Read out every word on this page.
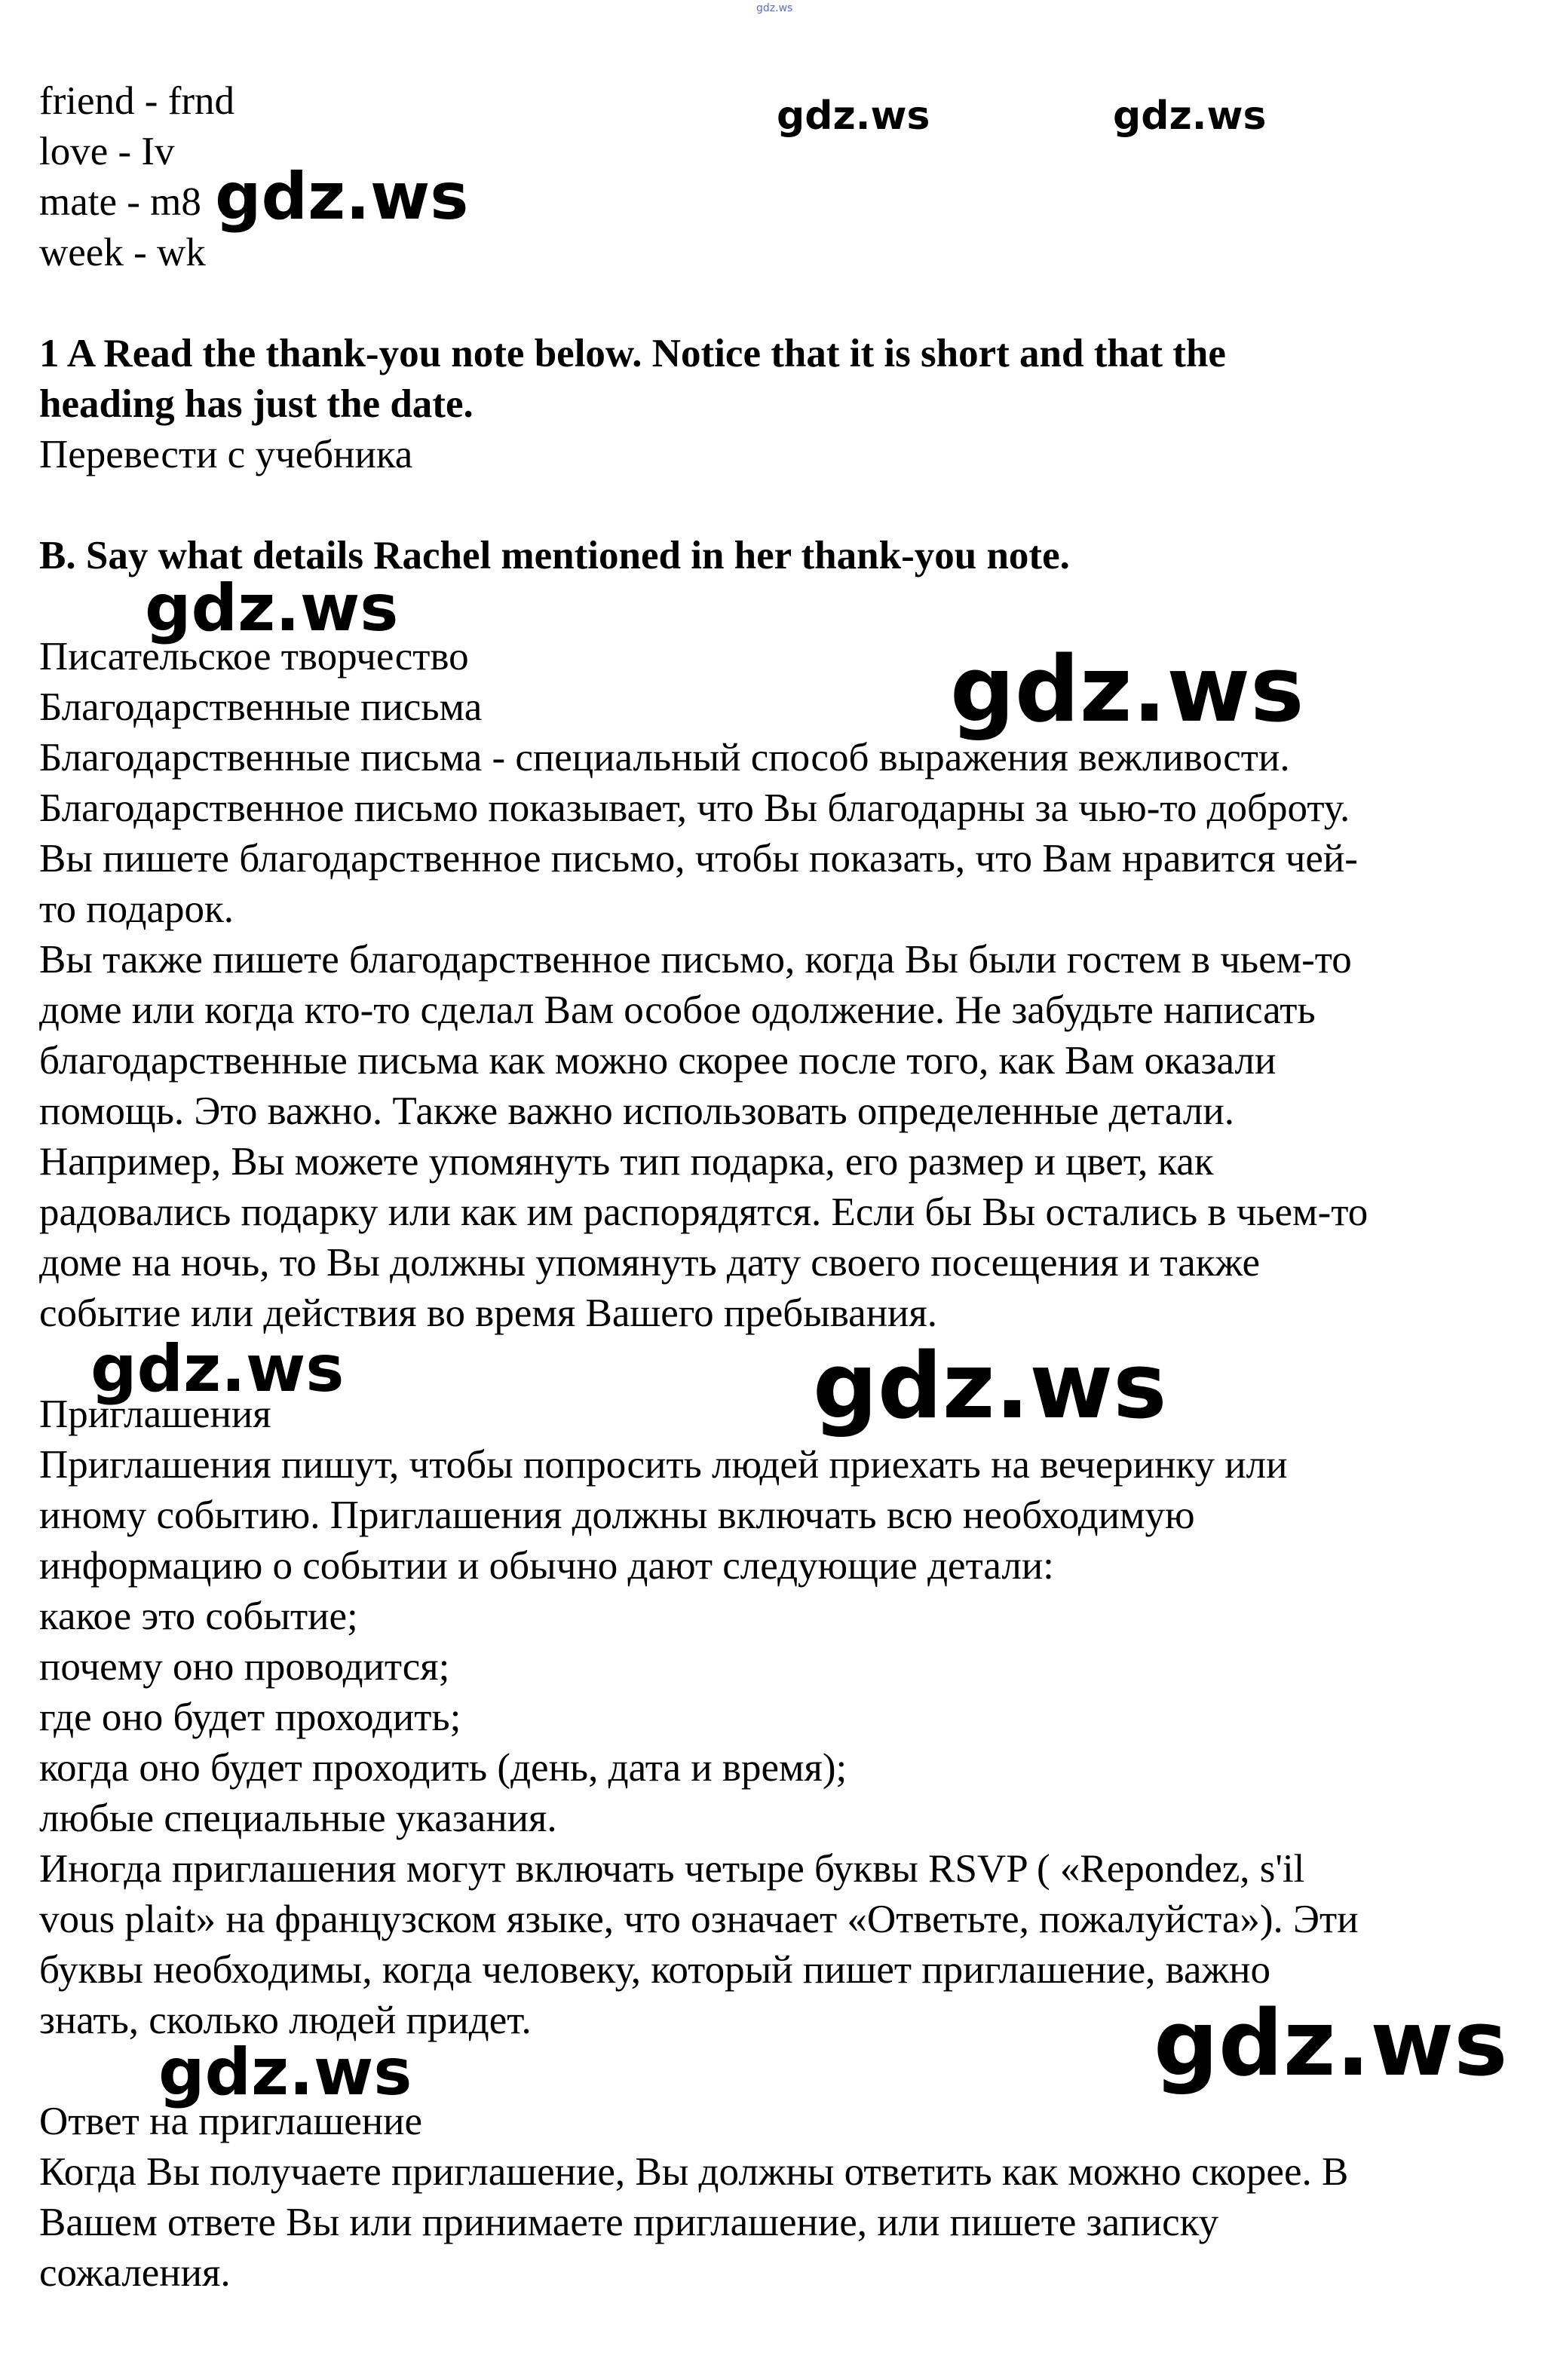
gdz.ws
friend - frnd
love - Iv
mate - m8
week - wk
1 A Read the thank-you note below. Notice that it is short and that the
heading has just the date.
Перевести с учебника
B. Say what details Rachel mentioned in her thank-you note.
Писательское творчество
Благодарственные письма
Благодарственные письма - специальный способ выражения вежливости.
Благодарственное письмо показывает, что Вы благодарны за чью-то доброту.
Вы пишете благодарственное письмо, чтобы показать, что Вам нравится чей-
то подарок.
Вы также пишете благодарственное письмо, когда Вы были гостем в чьем-то
доме или когда кто-то сделал Вам особое одолжение. Не забудьте написать
благодарственные письма как можно скорее после того, как Вам оказали
помощь. Это важно. Также важно использовать определенные детали.
Например, Вы можете упомянуть тип подарка, его размер и цвет, как
радовались подарку или как им распорядятся. Если бы Вы остались в чьем-то
доме на ночь, то Вы должны упомянуть дату своего посещения и также
событие или действия во время Вашего пребывания.
Приглашения
Приглашения пишут, чтобы попросить людей приехать на вечеринку или
иному событию. Приглашения должны включать всю необходимую
информацию о событии и обычно дают следующие детали:
какое это событие;
почему оно проводится;
где оно будет проходить;
когда оно будет проходить (день, дата и время);
любые специальные указания.
Иногда приглашения могут включать четыре буквы RSVP ( «Repondez, s'il
vous plait» на французском языке, что означает «Ответьте, пожалуйста»). Эти
буквы необходимы, когда человеку, который пишет приглашение, важно
знать, сколько людей придет.
Ответ на приглашение
Когда Вы получаете приглашение, Вы должны ответить как можно скорее. В
Вашем ответе Вы или принимаете приглашение, или пишете записку
сожаления.
gdz.ws	gdz.ws
gdz.ws
gdz.ws
gdz.ws
gdz.ws	gdz.ws
gdz.ws
gdz.ws
